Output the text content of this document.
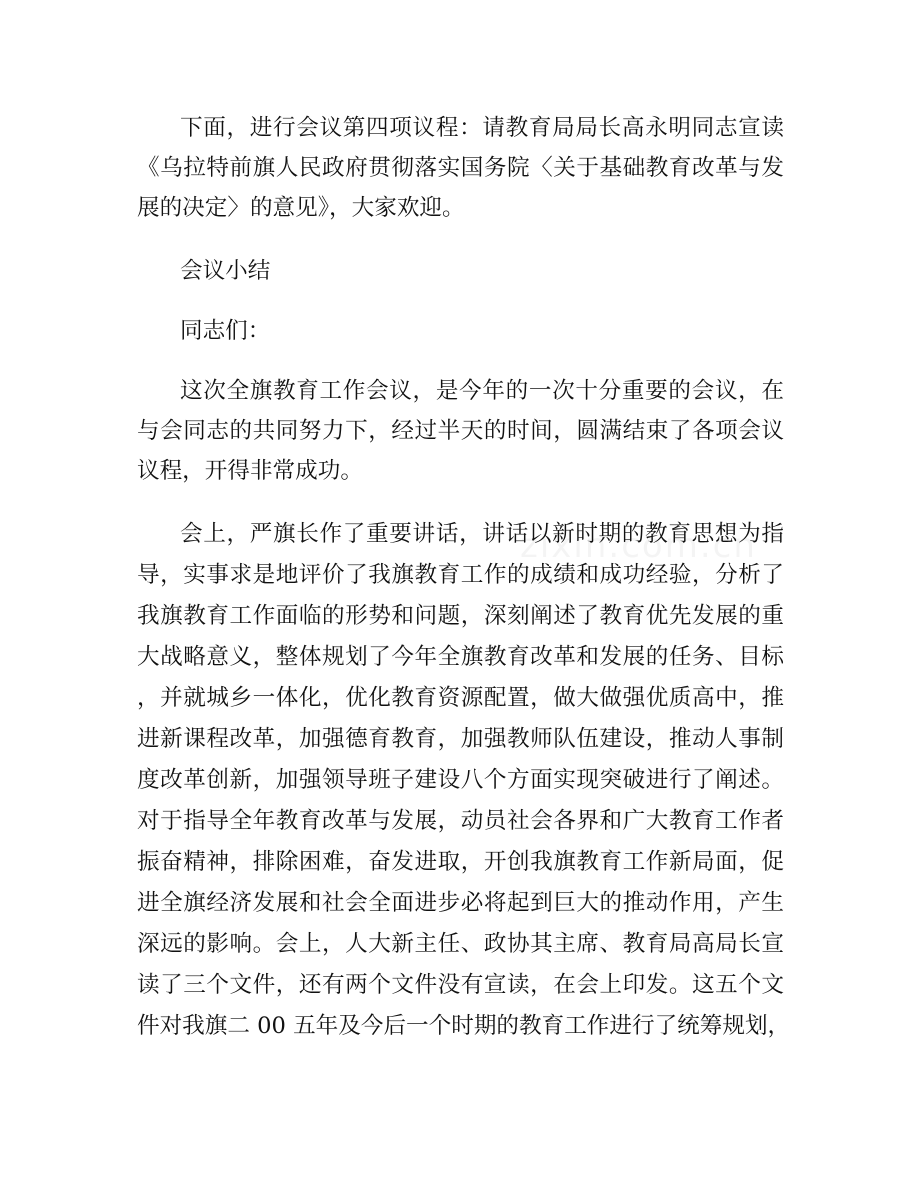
下面，进行会议第四项议程：请教育局局长高永明同志宣读
《乌拉特前旗人民政府贯彻落实国务院〈关于基础教育改革与发
展的决定〉的意见》，大家欢迎。
会议小结
同志们：
这次全旗教育工作会议，是今年的一次十分重要的会议，在
与会同志的共同努力下，经过半天的时间，圆满结束了各项会议
议程，开得非常成功。
会上，严旗长作了重要讲话，讲话以新时期的教育思想为指
导，实事求是地评价了我旗教育工作的成绩和成功经验，分析了
我旗教育工作面临的形势和问题，深刻阐述了教育优先发展的重
大战略意义，整体规划了今年全旗教育改革和发展的任务、目标
，并就城乡一体化，优化教育资源配置，做大做强优质高中，推
进新课程改革，加强德育教育，加强教师队伍建设，推动人事制
度改革创新，加强领导班子建设八个方面实现突破进行了阐述。
对于指导全年教育改革与发展，动员社会各界和广大教育工作者
振奋精神，排除困难，奋发进取，开创我旗教育工作新局面，促
进全旗经济发展和社会全面进步必将起到巨大的推动作用，产生
深远的影响。会上，人大新主任、政协其主席、教育局高局长宣
读了三个文件，还有两个文件没有宣读，在会上印发。这五个文
件对我旗二 00 五年及今后一个时期的教育工作进行了统筹规划，
